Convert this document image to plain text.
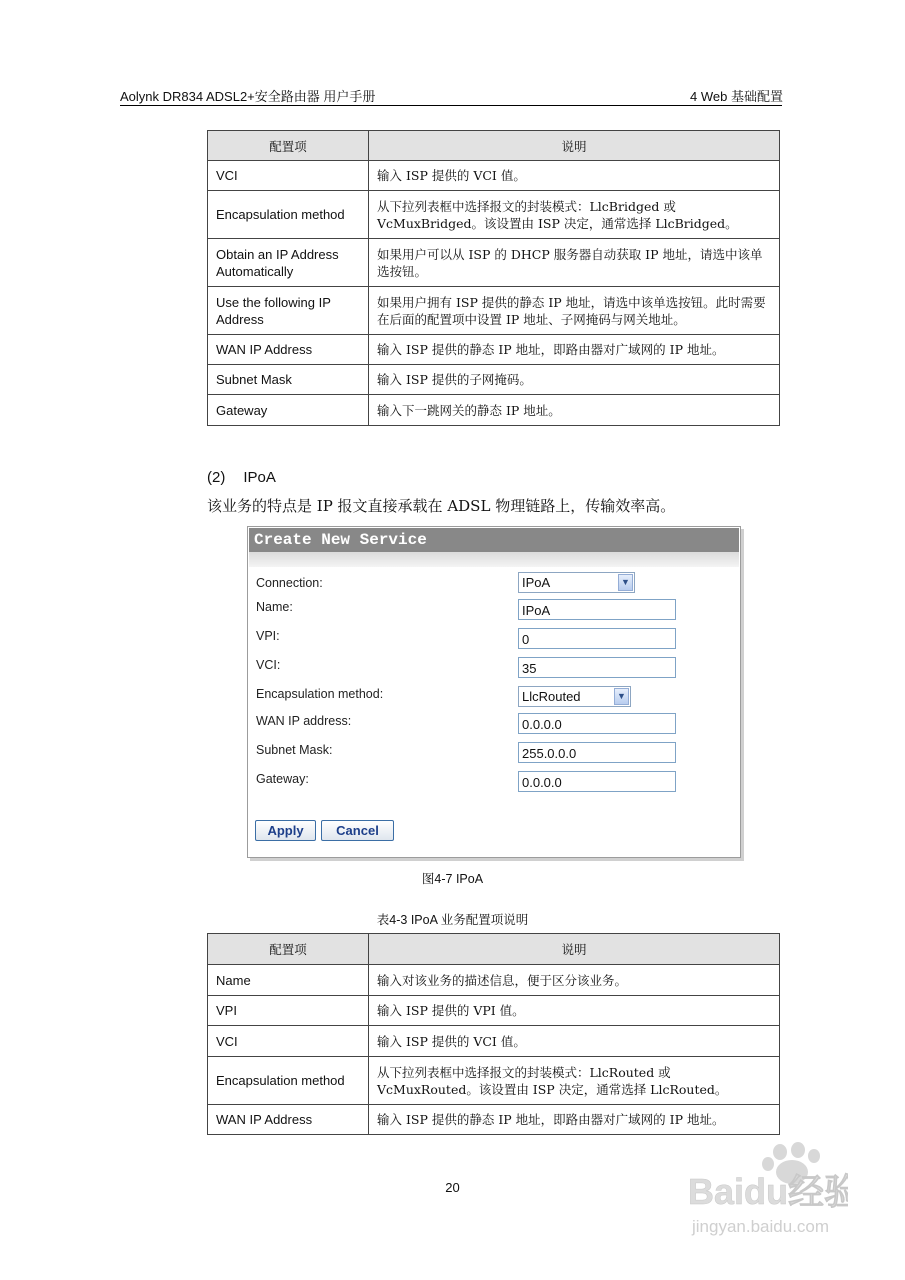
Aolynk DR834 ADSL2+安全路由器 用户手册	4 Web 基础配置
配置项	说明
VCI	输入 ISP 提供的 VCI 值。
Encapsulation method	从下拉列表框中选择报文的封装模式：LlcBridged 或 VcMuxBridged。该设置由 ISP 决定，通常选择 LlcBridged。
Obtain an IP Address Automatically	如果用户可以从 ISP 的 DHCP 服务器自动获取 IP 地址，请选中该单选按钮。
Use the following IP Address	如果用户拥有 ISP 提供的静态 IP 地址，请选中该单选按钮。此时需要在后面的配置项中设置 IP 地址、子网掩码与网关地址。
WAN IP Address	输入 ISP 提供的静态 IP 地址，即路由器对广域网的 IP 地址。
Subnet Mask	输入 ISP 提供的子网掩码。
Gateway	输入下一跳网关的静态 IP 地址。
(2) IPoA
该业务的特点是 IP 报文直接承载在 ADSL 物理链路上，传输效率高。
Create New Service
Connection:	IPoA	▼
Name:	IPoA
VPI:	0
VCI:	35
Encapsulation method:	LlcRouted	▼
WAN IP address:	0.0.0.0
Subnet Mask:	255.0.0.0
Gateway:	0.0.0.0
Apply	Cancel
图4-7 IPoA
表4-3 IPoA 业务配置项说明
配置项	说明
Name	输入对该业务的描述信息，便于区分该业务。
VPI	输入 ISP 提供的 VPI 值。
VCI	输入 ISP 提供的 VCI 值。
Encapsulation method	从下拉列表框中选择报文的封装模式：LlcRouted 或 VcMuxRouted。该设置由 ISP 决定，通常选择 LlcRouted。
WAN IP Address	输入 ISP 提供的静态 IP 地址，即路由器对广域网的 IP 地址。
20	Baidu经验
jingyan.baidu.com
